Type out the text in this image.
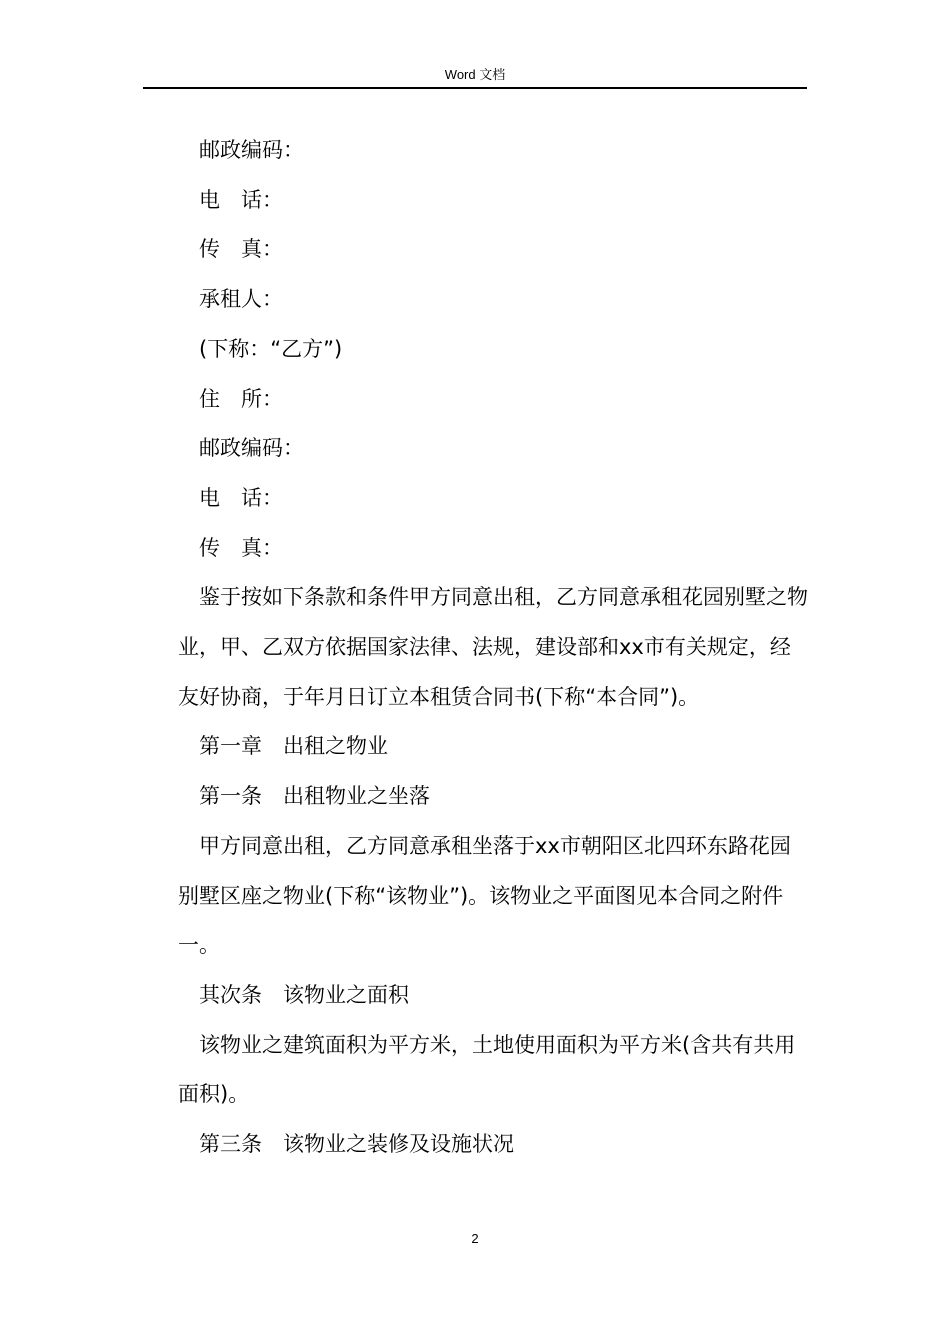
Word 文档

邮政编码：

电　话：

传　真：

承租人：

(下称：“乙方”)

住　所：

邮政编码：

电　话：

传　真：

鉴于按如下条款和条件甲方同意出租，乙方同意承租花园别墅之物业，甲、乙双方依据国家法律、法规，建设部和xx市有关规定，经友好协商，于年月日订立本租赁合同书(下称“本合同”)。

第一章　出租之物业

第一条　出租物业之坐落

甲方同意出租，乙方同意承租坐落于xx市朝阳区北四环东路花园别墅区座之物业(下称“该物业”)。该物业之平面图见本合同之附件一。

其次条　该物业之面积

该物业之建筑面积为平方米，土地使用面积为平方米(含共有共用面积)。

第三条　该物业之装修及设施状况

2
